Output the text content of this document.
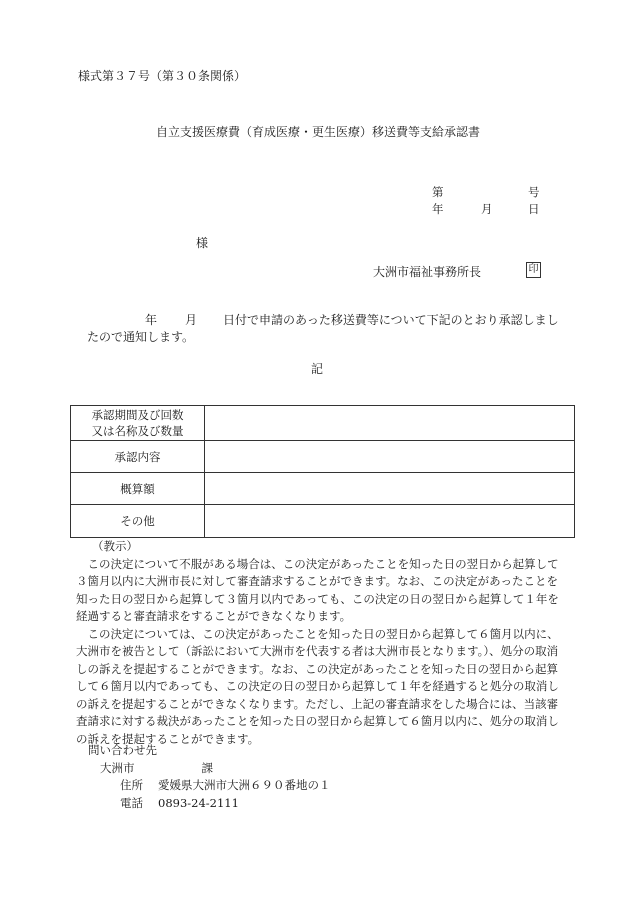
様式第３７号（第３０条関係）
自立支援医療費（育成医療・更生医療）移送費等支給承認書
第	号
年	月	日
様
大洲市福祉事務所長	印
年 月 日付で申請のあった移送費等について下記のとおり承認しまし
たので通知します。
記
承認期間及び回数
又は名称及び数量	

承認内容	
概算額	
その他	

（教示）

この決定について不服がある場合は、この決定があったことを知った日の翌日から起算して３箇月以内に大洲市長に対して審査請求することができます。なお、この決定があったことを知った日の翌日から起算して３箇月以内であっても、この決定の日の翌日から起算して１年を経過すると審査請求をすることができなくなります。

この決定については、この決定があったことを知った日の翌日から起算して６箇月以内に、大洲市を被告として（訴訟において大洲市を代表する者は大洲市長となります。）、処分の取消しの訴えを提起することができます。なお、この決定があったことを知った日の翌日から起算して６箇月以内であっても、この決定の日の翌日から起算して１年を経過すると処分の取消しの訴えを提起することができなくなります。ただし、上記の審査請求をした場合には、当該審査請求に対する裁決があったことを知った日の翌日から起算して６箇月以内に、処分の取消しの訴えを提起することができます。

問い合わせ先
大洲市	課
住所 愛媛県大洲市大洲６９０番地の１
電話 0893-24-2111
